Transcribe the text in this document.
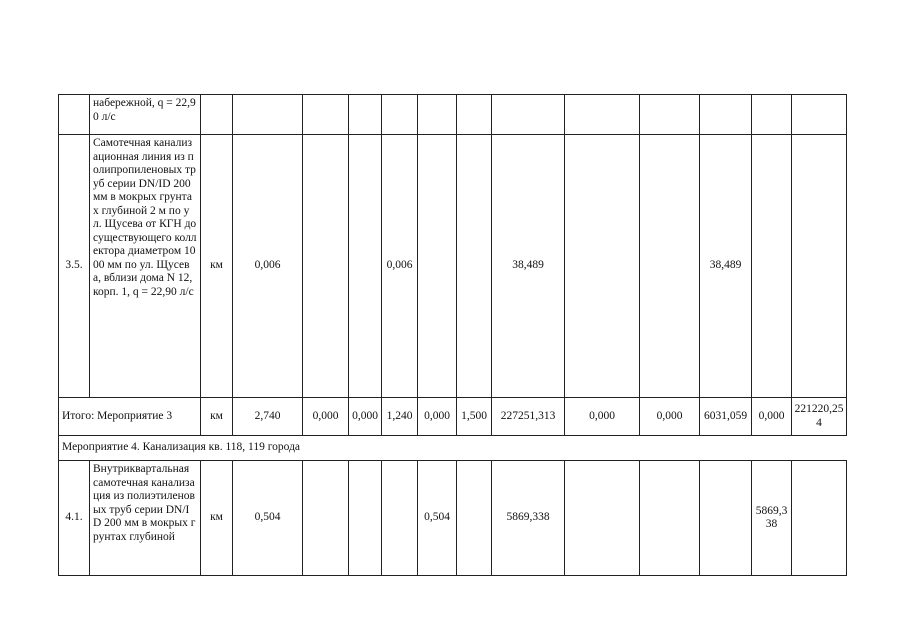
	набережной, q = 22,90 л/с													
3.5.	Самотечная канализационная линия из полипропиленовых труб серии DN/ID 200 мм в мокрых грунтах глубиной 2 м по ул. Щусева от КГН до существующего коллектора диаметром 1000 мм по ул. Щусева, вблизи дома N 12, корп. 1, q = 22,90 л/с	км	0,006			0,006			38,489			38,489		
Итого: Мероприятие 3		км	2,740	0,000	0,000	1,240	0,000	1,500	227251,313	0,000	0,000	6031,059	0,000	221220,254
Мероприятие 4. Канализация кв. 118, 119 города														
4.1.	Внутриквартальная самотечная канализация из полиэтиленовых труб серии DN/ID 200 мм в мокрых грунтах глубиной	км	0,504				0,504		5869,338				5869,338	
